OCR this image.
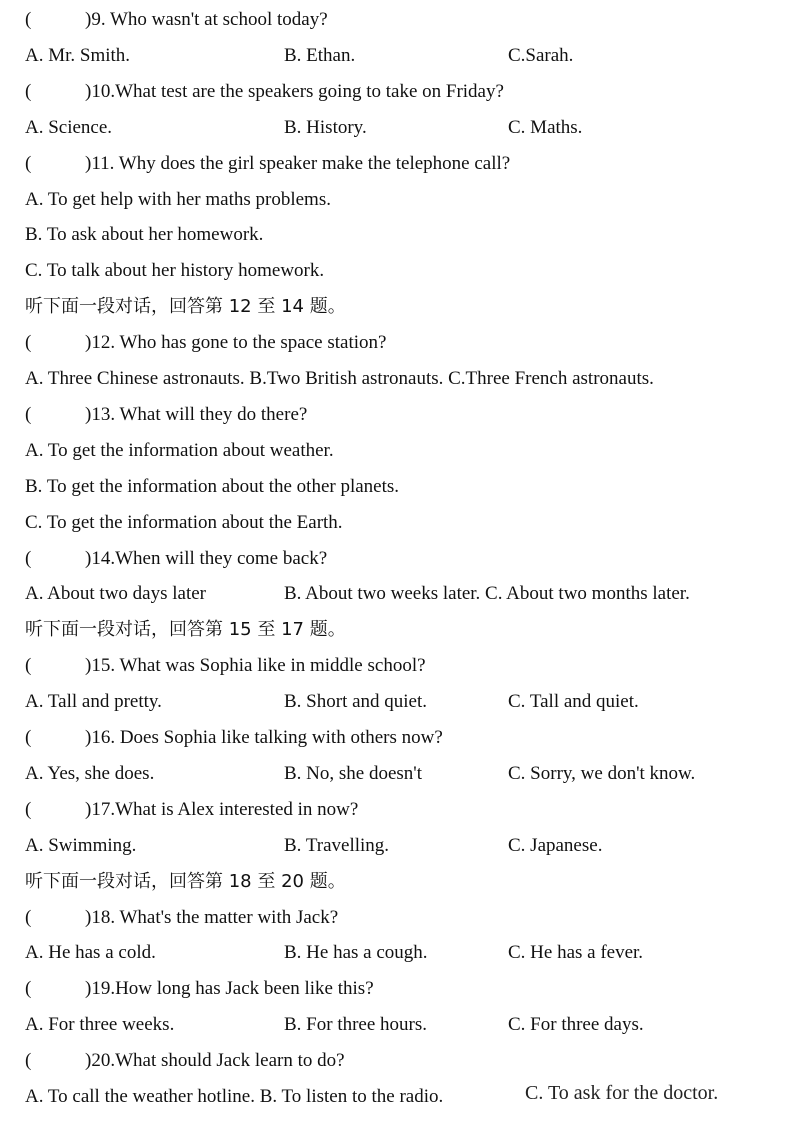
(	)9. Who wasn't at school today?
A. Mr. Smith.	B. Ethan.	C.Sarah.
(	)10.What test are the speakers going to take on Friday?
A. Science.	B. History.	C. Maths.
(	)11. Why does the girl speaker make the telephone call?
A. To get help with her maths problems.
B. To ask about her homework.
C. To talk about her history homework.
听下面一段对话，回答第 12 至 14 题。
(	)12. Who has gone to the space station?
A. Three Chinese astronauts. B.Two British astronauts. C.Three French astronauts.
(	)13. What will they do there?
A. To get the information about weather.
B. To get the information about the other planets.
C. To get the information about the Earth.
(	)14.When will they come back?
A. About two days later	B. About two weeks later. C. About two months later.
听下面一段对话，回答第 15 至 17 题。
(	)15. What was Sophia like in middle school?
A. Tall and pretty.	B. Short and quiet.	C. Tall and quiet.
(	)16. Does Sophia like talking with others now?
A. Yes, she does.	B. No, she doesn't	C. Sorry, we don't know.
(	)17.What is Alex interested in now?
A. Swimming.	B. Travelling.	C. Japanese.
听下面一段对话，回答第 18 至 20 题。
(	)18. What's the matter with Jack?
A. He has a cold.	B. He has a cough.	C. He has a fever.
(	)19.How long has Jack been like this?
A. For three weeks.	B. For three hours.	C. For three days.
(	)20.What should Jack learn to do?
A. To call the weather hotline. B. To listen to the radio.	C. To ask for the doctor.
